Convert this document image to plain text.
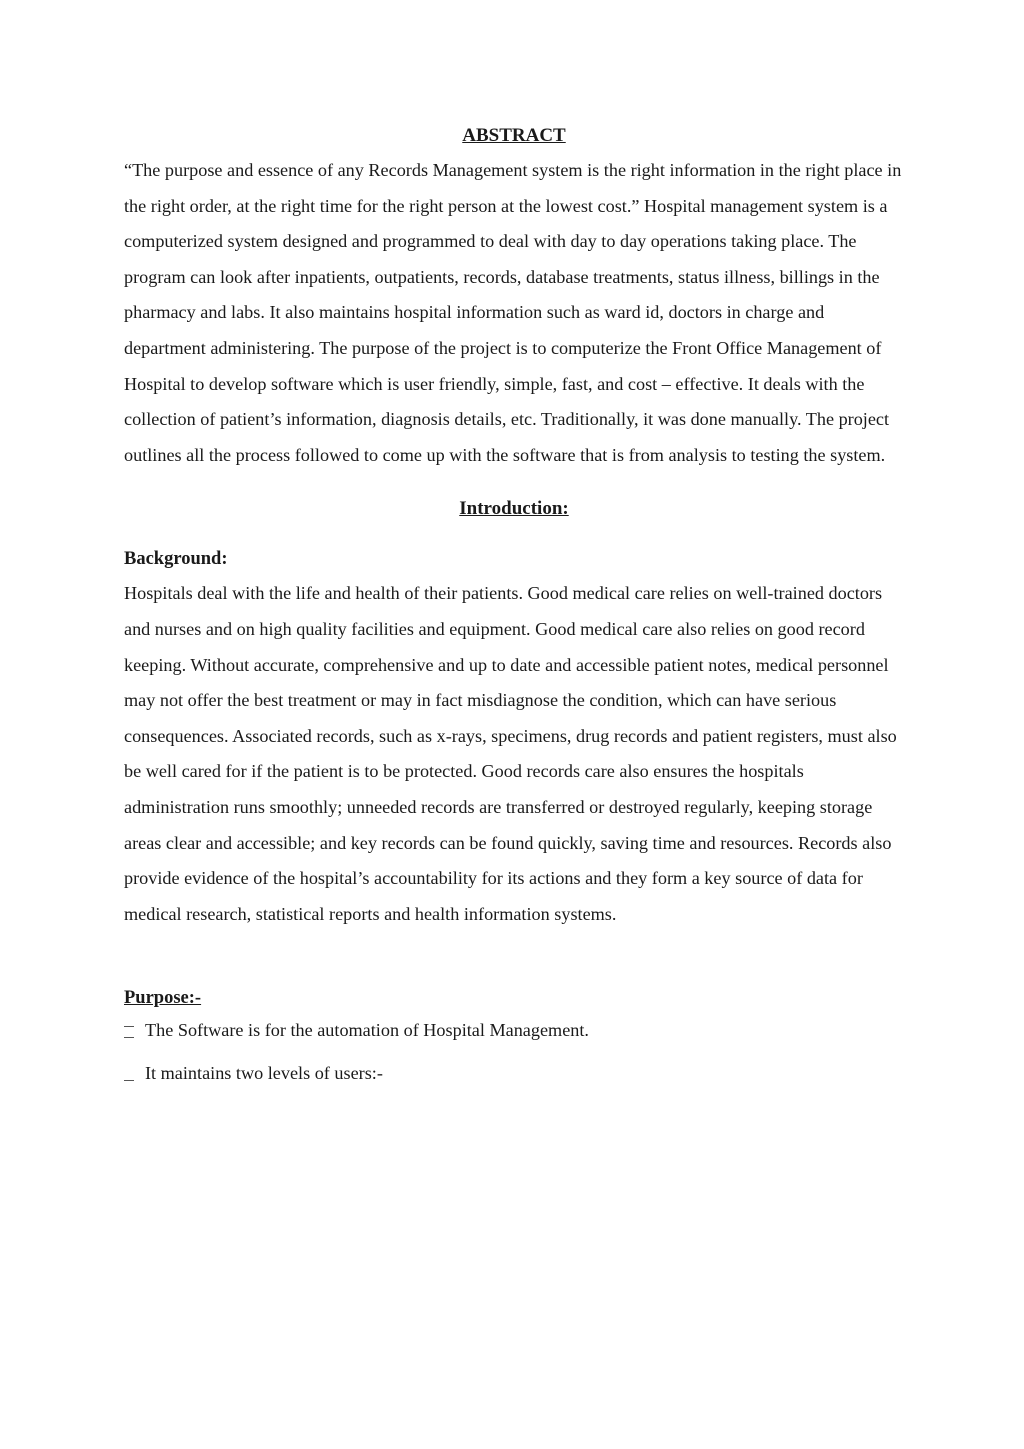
ABSTRACT

“The purpose and essence of any Records Management system is the right information in the right place in the right order, at the right time for the right person at the lowest cost.” Hospital management system is a computerized system designed and programmed to deal with day to day operations taking place. The program can look after inpatients, outpatients, records, database treatments, status illness, billings in the pharmacy and labs. It also maintains hospital information such as ward id, doctors in charge and department administering. The purpose of the project is to computerize the Front Office Management of Hospital to develop software which is user friendly, simple, fast, and cost – effective. It deals with the collection of patient’s information, diagnosis details, etc. Traditionally, it was done manually. The project outlines all the process followed to come up with the software that is from analysis to testing the system.

Introduction:
Background:

Hospitals deal with the life and health of their patients. Good medical care relies on well-trained doctors and nurses and on high quality facilities and equipment. Good medical care also relies on good record keeping. Without accurate, comprehensive and up to date and accessible patient notes, medical personnel may not offer the best treatment or may in fact misdiagnose the condition, which can have serious consequences. Associated records, such as x-rays, specimens, drug records and patient registers, must also be well cared for if the patient is to be protected. Good records care also ensures the hospitals administration runs smoothly; unneeded records are transferred or destroyed regularly, keeping storage areas clear and accessible; and key records can be found quickly, saving time and resources. Records also provide evidence of the hospital’s accountability for its actions and they form a key source of data for medical research, statistical reports and health information systems.

Purpose:-
The Software is for the automation of Hospital Management.
It maintains two levels of users:-
